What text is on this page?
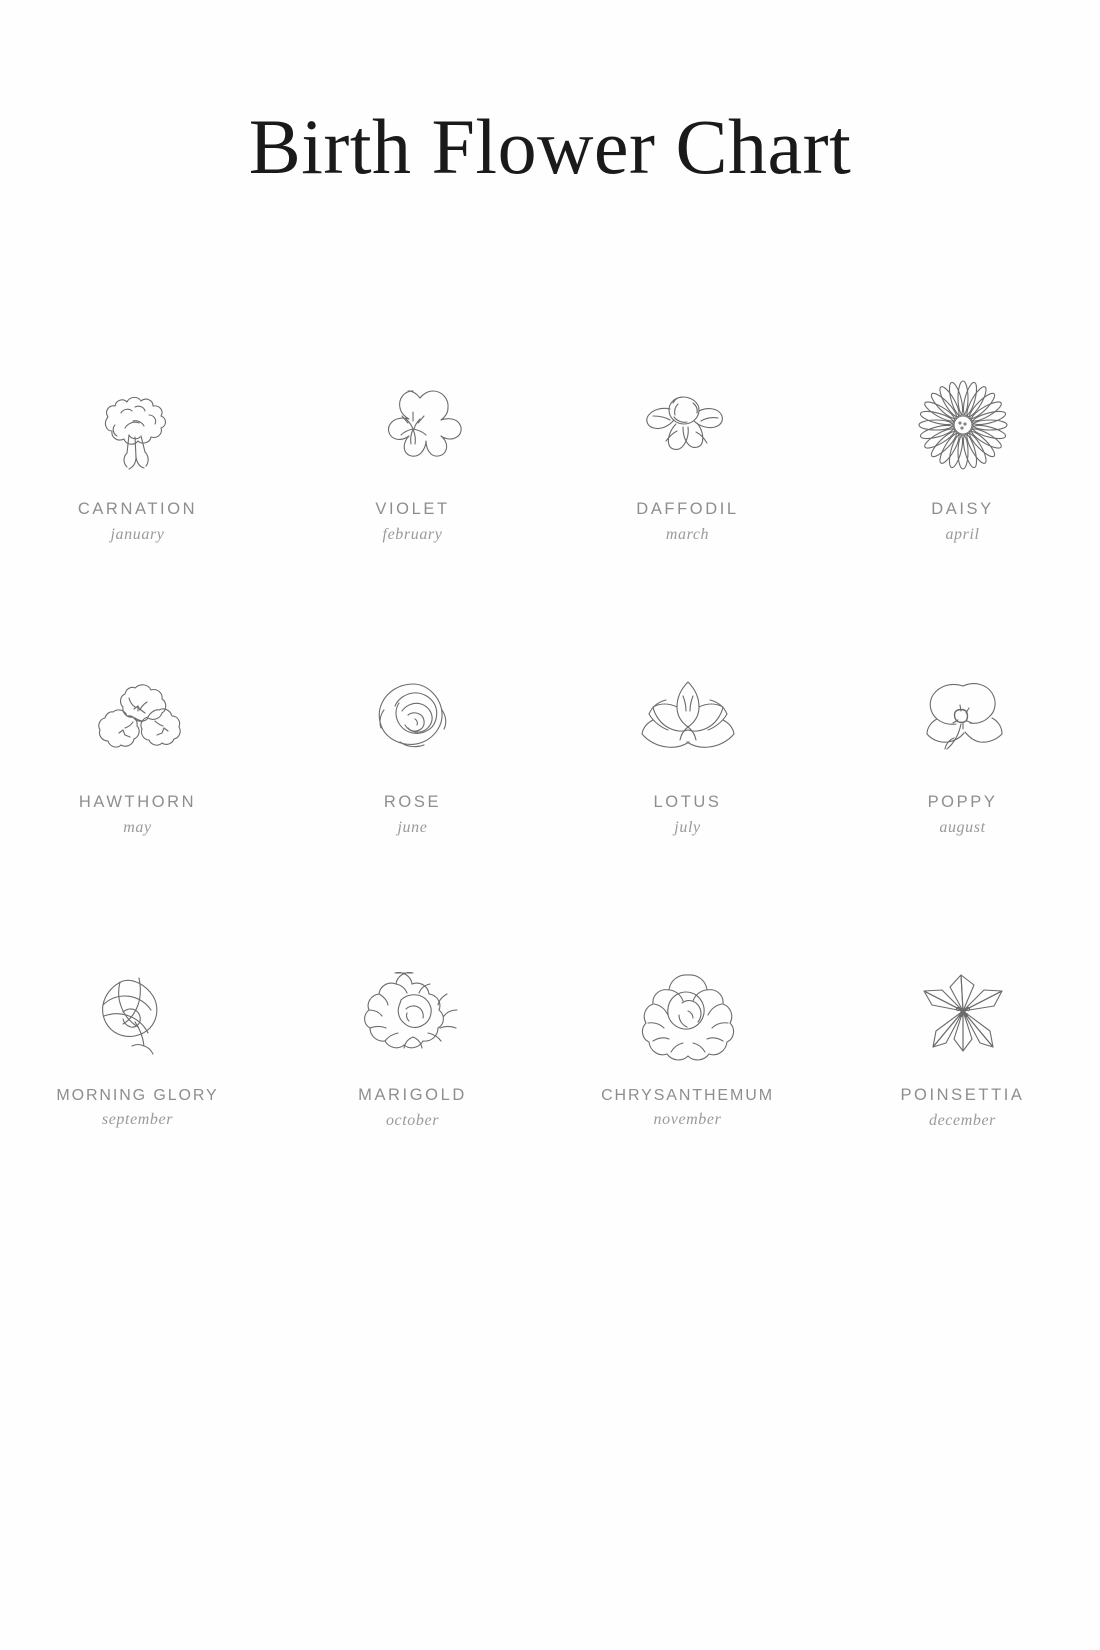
Birth Flower Chart
CARNATION
january
VIOLET
february
DAFFODIL
march
DAISY
april
HAWTHORN
may
ROSE
june
LOTUS
july
POPPY
august
MORNING GLORY
september
MARIGOLD
october
CHRYSANTHEMUM
november
POINSETTIA
december
